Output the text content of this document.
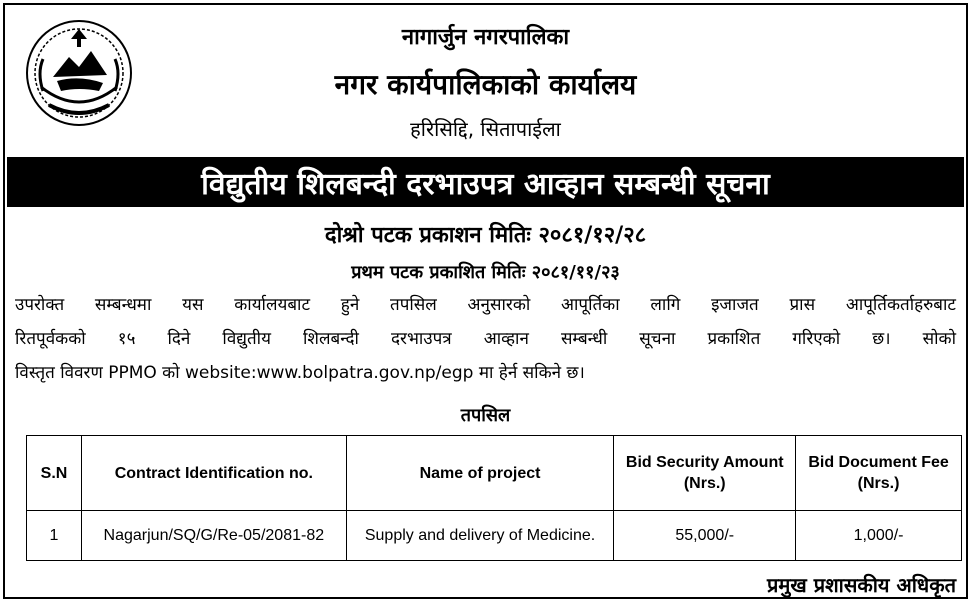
नागार्जुन नगरपालिका
नगर कार्यपालिकाको कार्यालय
हरिसिद्दि, सितापाईला
विद्युतीय शिलबन्दी दरभाउपत्र आव्हान सम्बन्धी सूचना
दोश्रो पटक प्रकाशन मितिः २०८१/१२/२८
प्रथम पटक प्रकाशित मितिः २०८१/११/२३
उपरोक्त सम्बन्धमा यस कार्यालयबाट हुने तपसिल अनुसारको आपूर्तिका लागि इजाजत प्रास आपूर्तिकर्ताहरुबाट
रितपूर्वकको १५ दिने विद्युतीय शिलबन्दी दरभाउपत्र आव्हान सम्बन्धी सूचना प्रकाशित गरिएको छ। सोको
विस्तृत विवरण PPMO को website:www.bolpatra.gov.np/egp मा हेर्न सकिने छ।
तपसिल
S.N	Contract Identification no.	Name of project	Bid Security Amount (Nrs.)	Bid Document Fee (Nrs.)
1	Nagarjun/SQ/G/Re-05/2081-82	Supply and delivery of Medicine.	55,000/-	1,000/-
प्रमुख प्रशासकीय अधिकृत
